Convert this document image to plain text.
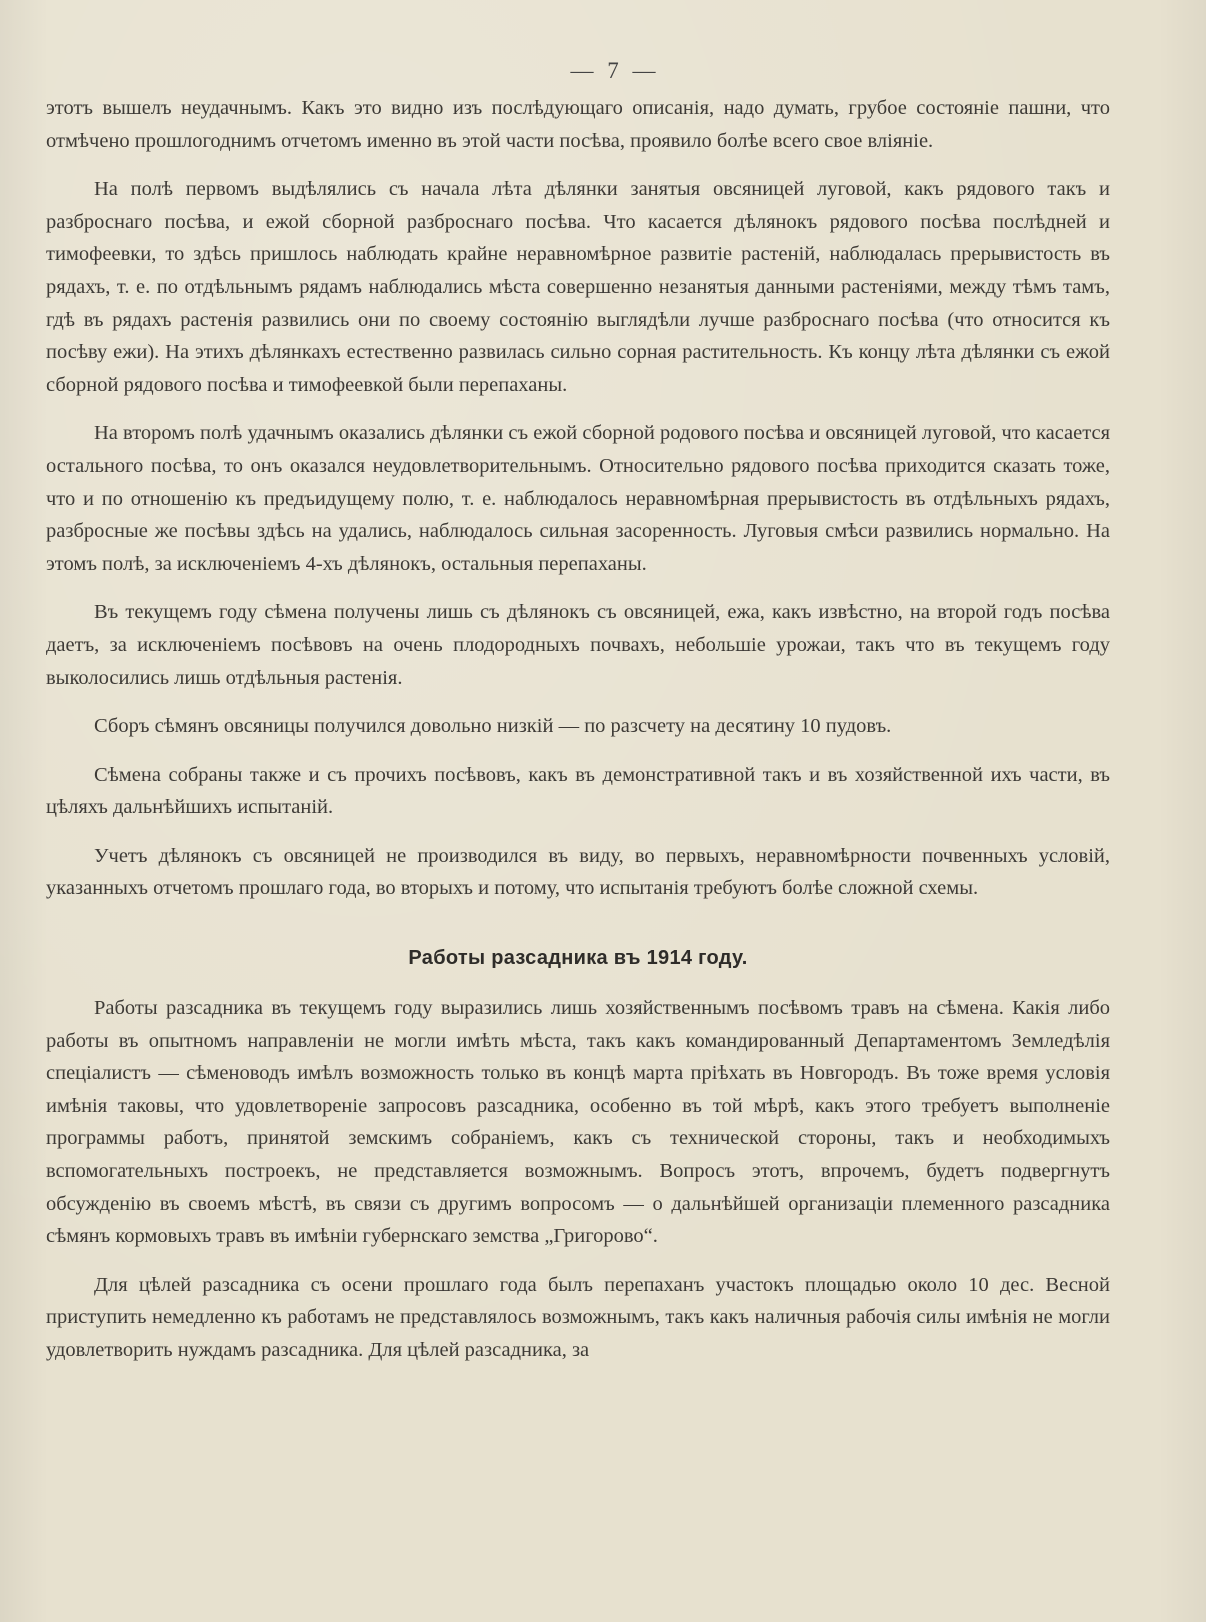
— 7 —

этотъ вышелъ неудачнымъ. Какъ это видно изъ послѣдующаго описанія, надо думать, грубое состояніе пашни, что отмѣчено прошлогоднимъ отчетомъ именно въ этой части посѣва, проявило болѣе всего свое вліяніе.

На полѣ первомъ выдѣлялись съ начала лѣта дѣлянки занятыя овсяницей луговой, какъ рядового такъ и разброснаго посѣва, и ежой сборной разброснаго посѣва. Что касается дѣлянокъ рядового посѣва послѣдней и тимофеевки, то здѣсь пришлось наблюдать крайне неравномѣрное развитіе растеній, наблюдалась прерывистость въ рядахъ, т. е. по отдѣльнымъ рядамъ наблюдались мѣста совершенно незанятыя данными растеніями, между тѣмъ тамъ, гдѣ въ рядахъ растенія развились они по своему состоянію выглядѣли лучше разброснаго посѣва (что относится къ посѣву ежи). На этихъ дѣлянкахъ естественно развилась сильно сорная растительность. Къ концу лѣта дѣлянки съ ежой сборной рядового посѣва и тимофеевкой были перепаханы.

На второмъ полѣ удачнымъ оказались дѣлянки съ ежой сборной родового посѣва и овсяницей луговой, что касается остального посѣва, то онъ оказался неудовлетворительнымъ. Относительно рядового посѣва приходится сказать тоже, что и по отношенію къ предъидущему полю, т. е. наблюдалось неравномѣрная прерывистость въ отдѣльныхъ рядахъ, разбросные же посѣвы здѣсь на удались, наблюдалось сильная засоренность. Луговыя смѣси развились нормально. На этомъ полѣ, за исключеніемъ 4-хъ дѣлянокъ, остальныя перепаханы.

Въ текущемъ году сѣмена получены лишь съ дѣлянокъ съ овсяницей, ежа, какъ извѣстно, на второй годъ посѣва даетъ, за исключеніемъ посѣвовъ на очень плодородныхъ почвахъ, небольшіе урожаи, такъ что въ текущемъ году выколосились лишь отдѣльныя растенія.

Сборъ сѣмянъ овсяницы получился довольно низкій — по разсчету на десятину 10 пудовъ.

Сѣмена собраны также и съ прочихъ посѣвовъ, какъ въ демонстративной такъ и въ хозяйственной ихъ части, въ цѣляхъ дальнѣйшихъ испытаній.

Учетъ дѣлянокъ съ овсяницей не производился въ виду, во первыхъ, неравномѣрности почвенныхъ условій, указанныхъ отчетомъ прошлаго года, во вторыхъ и потому, что испытанія требуютъ болѣе сложной схемы.

Работы разсадника въ 1914 году.

Работы разсадника въ текущемъ году выразились лишь хозяйственнымъ посѣвомъ травъ на сѣмена. Какія либо работы въ опытномъ направленіи не могли имѣть мѣста, такъ какъ командированный Департаментомъ Земледѣлія спеціалистъ — сѣменоводъ имѣлъ возможность только въ концѣ марта пріѣхать въ Новгородъ. Въ тоже время условія имѣнія таковы, что удовлетвореніе запросовъ разсадника, особенно въ той мѣрѣ, какъ этого требуетъ выполненіе программы работъ, принятой земскимъ собраніемъ, какъ съ технической стороны, такъ и необходимыхъ вспомогательныхъ построекъ, не представляется возможнымъ. Вопросъ этотъ, впрочемъ, будетъ подвергнутъ обсужденію въ своемъ мѣстѣ, въ связи съ другимъ вопросомъ — о дальнѣйшей организаціи племенного разсадника сѣмянъ кормовыхъ травъ въ имѣніи губернскаго земства „Григорово“.

Для цѣлей разсадника съ осени прошлаго года былъ перепаханъ участокъ площадью около 10 дес. Весной приступить немедленно къ работамъ не представлялось возможнымъ, такъ какъ наличныя рабочія силы имѣнія не могли удовлетворить нуждамъ разсадника. Для цѣлей разсадника, за
